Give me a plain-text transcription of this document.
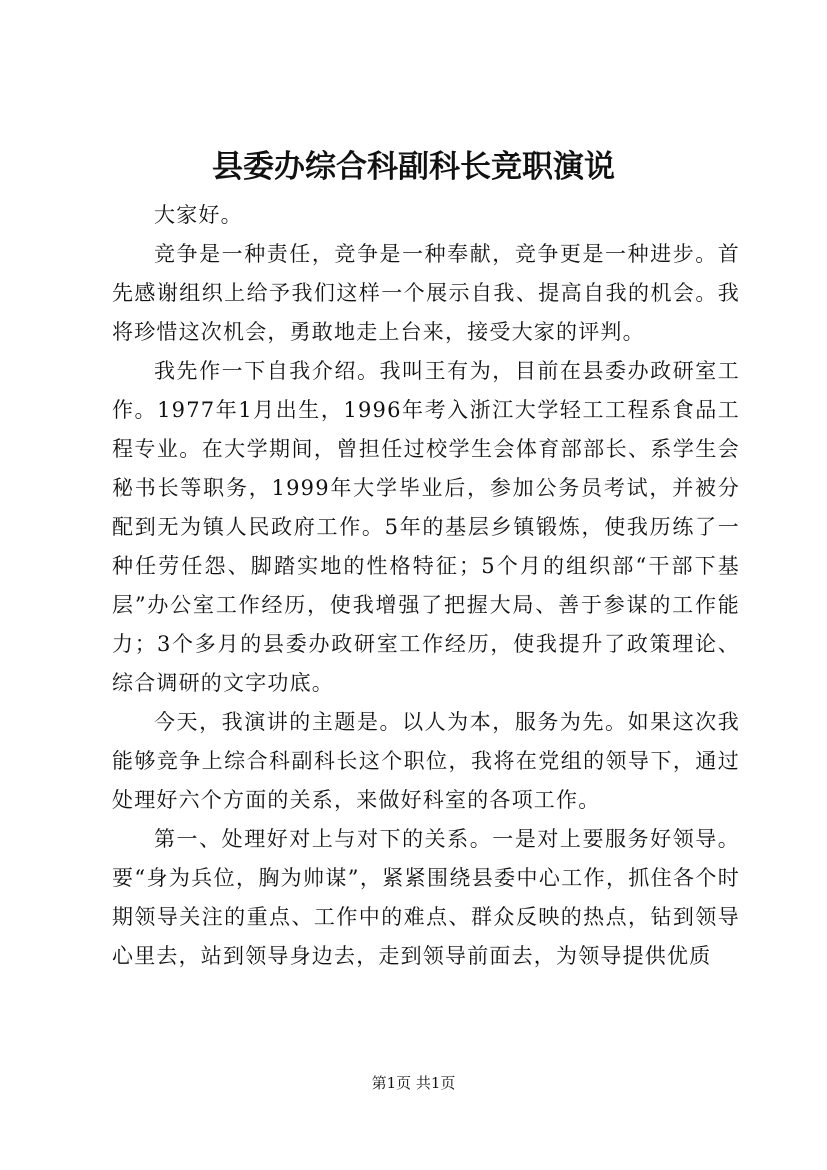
县委办综合科副科长竞职演说

大家好。

竞争是一种责任，竞争是一种奉献，竞争更是一种进步。首先感谢组织上给予我们这样一个展示自我、提高自我的机会。我将珍惜这次机会，勇敢地走上台来，接受大家的评判。

我先作一下自我介绍。我叫王有为，目前在县委办政研室工作。1977年1月出生，1996年考入浙江大学轻工工程系食品工程专业。在大学期间，曾担任过校学生会体育部部长、系学生会秘书长等职务，1999年大学毕业后，参加公务员考试，并被分配到无为镇人民政府工作。5年的基层乡镇锻炼，使我历练了一种任劳任怨、脚踏实地的性格特征；5个月的组织部“干部下基层”办公室工作经历，使我增强了把握大局、善于参谋的工作能力；3个多月的县委办政研室工作经历，使我提升了政策理论、综合调研的文字功底。

今天，我演讲的主题是。以人为本，服务为先。如果这次我能够竞争上综合科副科长这个职位，我将在党组的领导下，通过处理好六个方面的关系，来做好科室的各项工作。

第一、处理好对上与对下的关系。一是对上要服务好领导。要“身为兵位，胸为帅谋”，紧紧围绕县委中心工作，抓住各个时期领导关注的重点、工作中的难点、群众反映的热点，钻到领导心里去，站到领导身边去，走到领导前面去，为领导提供优质

第1页 共1页
